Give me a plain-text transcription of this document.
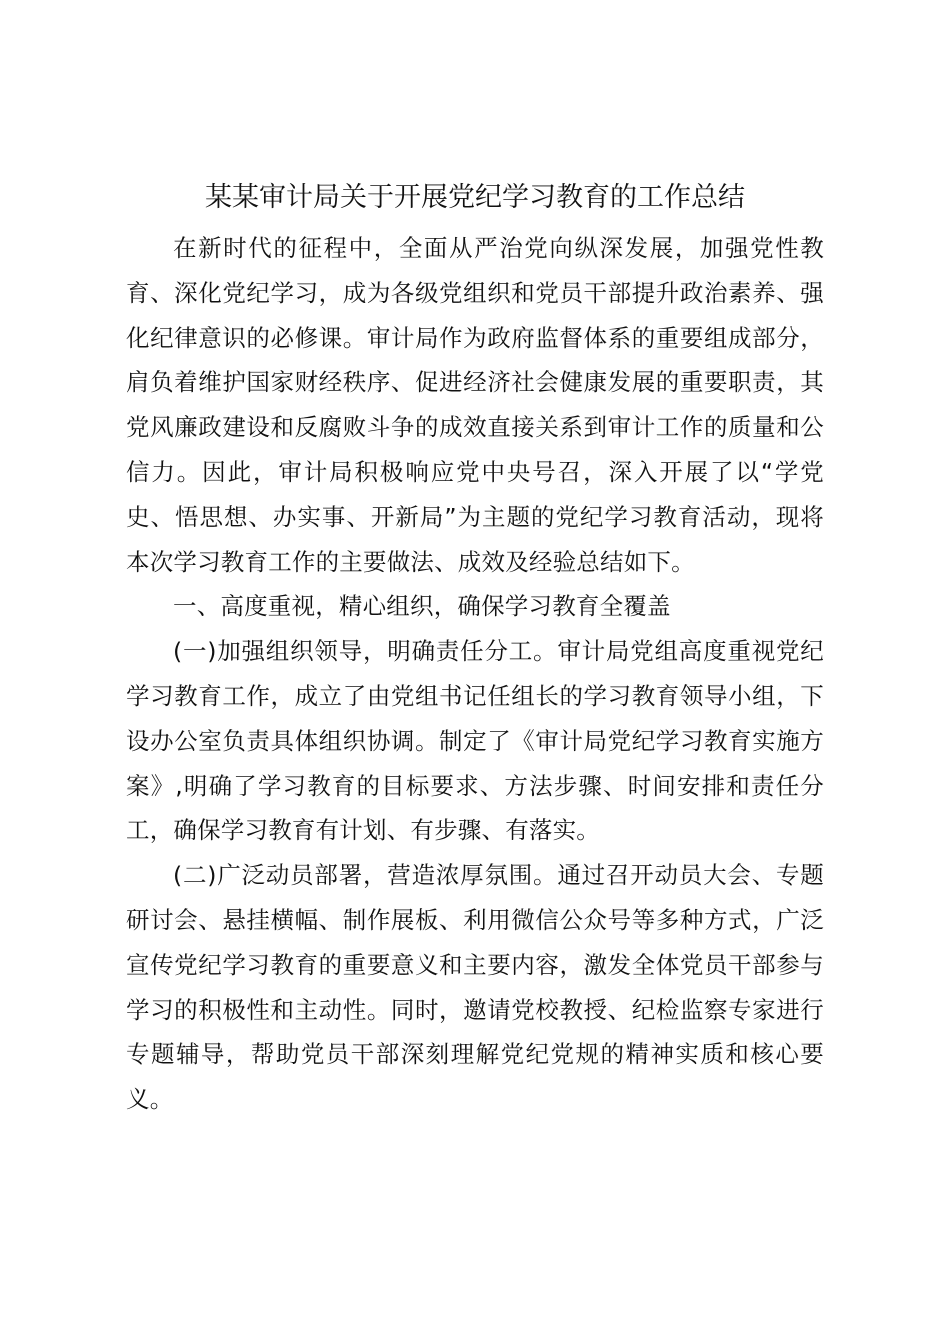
某某审计局关于开展党纪学习教育的工作总结

在新时代的征程中，全面从严治党向纵深发展，加强党性教育、深化党纪学习，成为各级党组织和党员干部提升政治素养、强化纪律意识的必修课。审计局作为政府监督体系的重要组成部分，肩负着维护国家财经秩序、促进经济社会健康发展的重要职责，其党风廉政建设和反腐败斗争的成效直接关系到审计工作的质量和公信力。因此，审计局积极响应党中央号召，深入开展了以“学党史、悟思想、办实事、开新局”为主题的党纪学习教育活动，现将本次学习教育工作的主要做法、成效及经验总结如下。

一、高度重视，精心组织，确保学习教育全覆盖

(一)加强组织领导，明确责任分工。审计局党组高度重视党纪学习教育工作，成立了由党组书记任组长的学习教育领导小组，下设办公室负责具体组织协调。制定了《审计局党纪学习教育实施方案》,明确了学习教育的目标要求、方法步骤、时间安排和责任分工，确保学习教育有计划、有步骤、有落实。

(二)广泛动员部署，营造浓厚氛围。通过召开动员大会、专题研讨会、悬挂横幅、制作展板、利用微信公众号等多种方式，广泛宣传党纪学习教育的重要意义和主要内容，激发全体党员干部参与学习的积极性和主动性。同时，邀请党校教授、纪检监察专家进行专题辅导，帮助党员干部深刻理解党纪党规的精神实质和核心要义。
